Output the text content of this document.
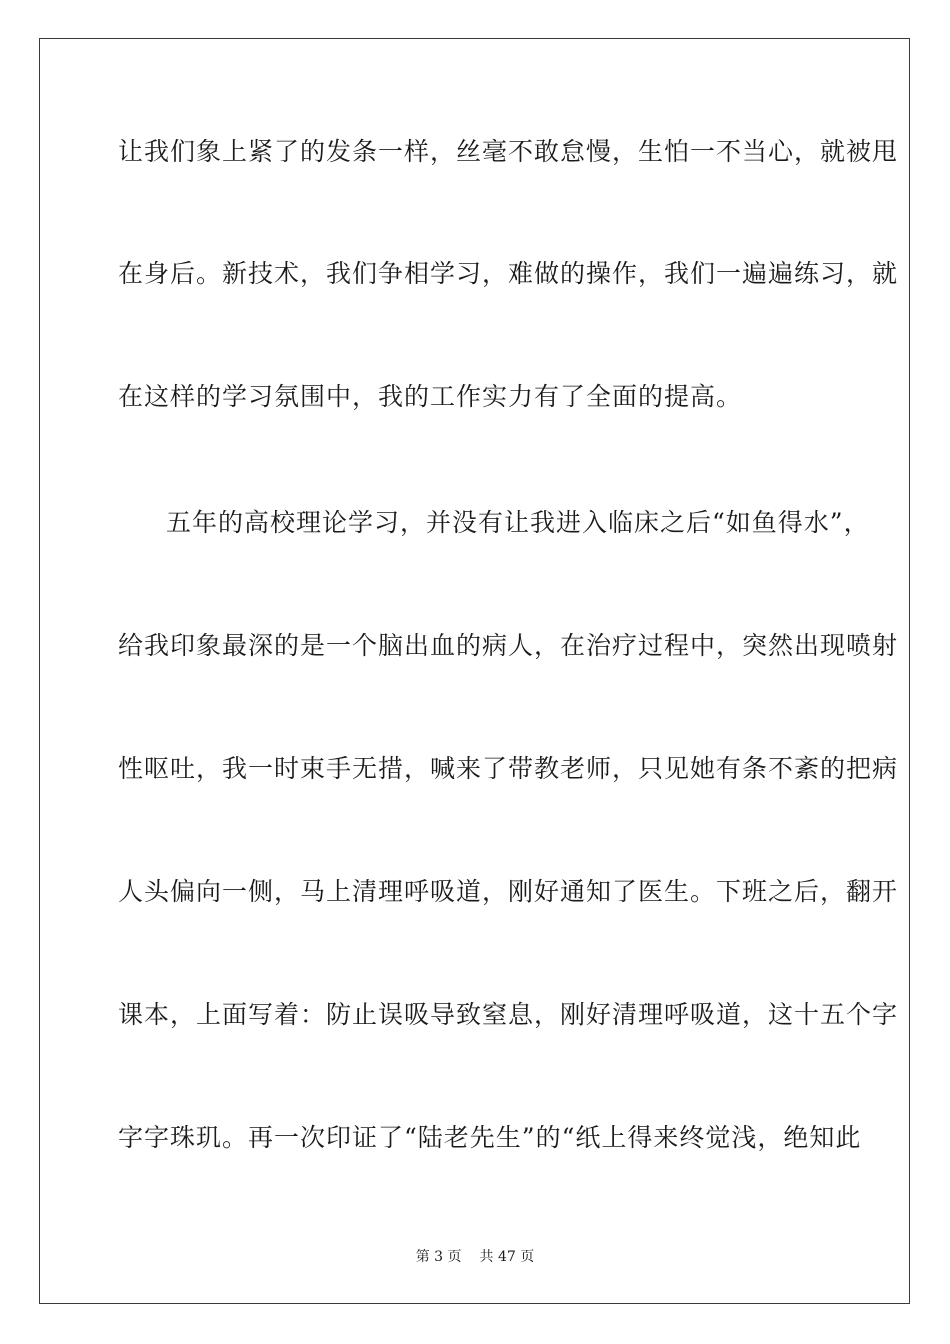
让我们象上紧了的发条一样，丝毫不敢怠慢，生怕一不当心，就被甩
在身后。新技术，我们争相学习，难做的操作，我们一遍遍练习，就
在这样的学习氛围中，我的工作实力有了全面的提高。
五年的高校理论学习，并没有让我进入临床之后“如鱼得水”，
给我印象最深的是一个脑出血的病人，在治疗过程中，突然出现喷射
性呕吐，我一时束手无措，喊来了带教老师，只见她有条不紊的把病
人头偏向一侧，马上清理呼吸道，刚好通知了医生。下班之后，翻开
课本，上面写着：防止误吸导致窒息，刚好清理呼吸道，这十五个字
字字珠玑。再一次印证了“陆老先生”的“纸上得来终觉浅，绝知此
第 3 页 共 47 页
